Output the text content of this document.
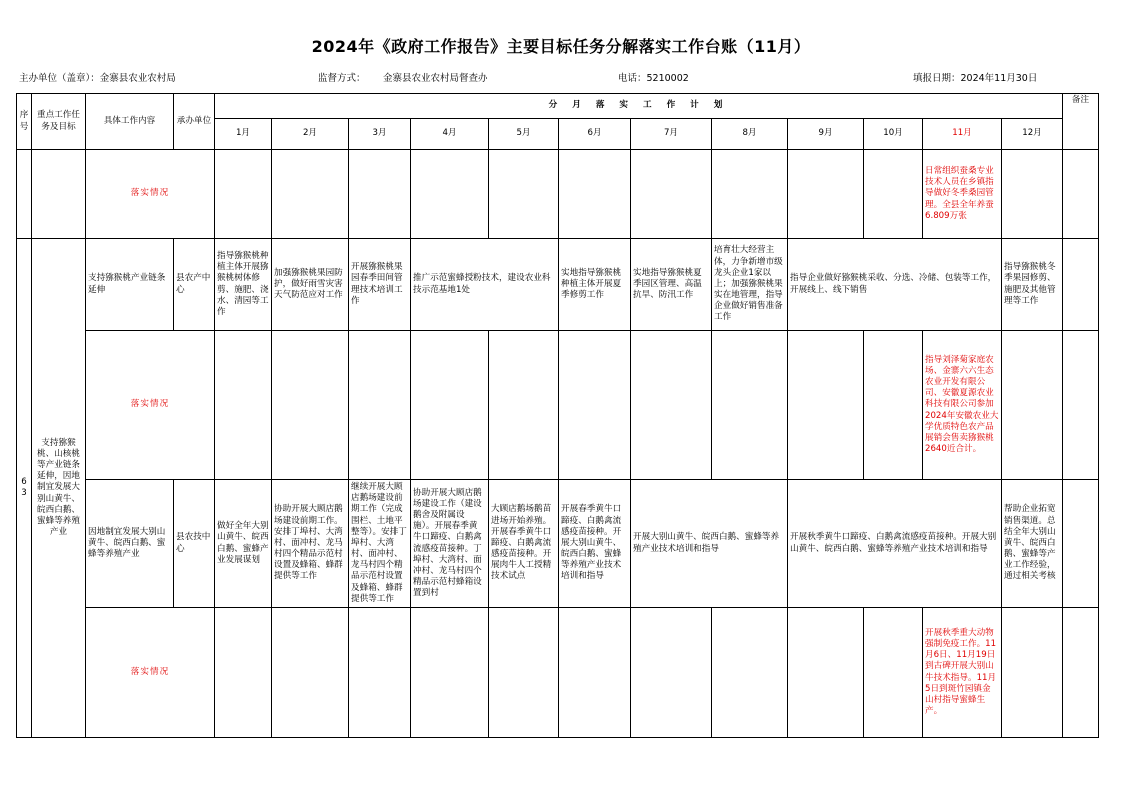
2024年《政府工作报告》主要目标任务分解落实工作台账（11月）
主办单位（盖章）：金寨县农业农村局	监督方式： 金寨县农业农村局督查办	电话：5210002	填报日期：2024年11月30日
序号	重点工作任务及目标	具体工作内容	承办单位	分 月 落 实 工 作 计 划												备注
				1月	2月	3月	4月	5月	6月	7月	8月	9月	10月	11月	12月	
		落实情况												日常组织蚕桑专业技术人员在乡镇指导做好冬季桑园管理。全县全年养蚕6.809万张		
63	支持猕猴桃、山核桃等产业链条延伸，因地制宜发展大别山黄牛、皖西白鹅、蜜蜂等养殖产业	支持猕猴桃产业链条延伸	县农产中心	指导猕猴桃种植主体开展猕猴桃树体修剪、施肥、浇水、清园等工作	加强猕猴桃果园防护，做好雨雪灾害天气防范应对工作	开展猕猴桃果园春季田间管理技术培训工作	推广示范蜜蜂授粉技术，建设农业科技示范基地1处		实地指导猕猴桃种植主体开展夏季修剪工作	实地指导猕猴桃夏季园区管理、高温抗旱、防汛工作	培育壮大经营主体，力争新增市级龙头企业1家以上；加强猕猴桃果实在地管理，指导企业做好销售准备工作	指导企业做好猕猴桃采收、分选、冷储、包装等工作，开展线上、线下销售			指导猕猴桃冬季果园修剪、施肥及其他管理等工作	
		落实情况												指导刘泽菊家庭农场、金寨六六生态农业开发有限公司、安徽夏源农业科技有限公司参加2024年安徽农业大学优质特色农产品展销会售卖猕猴桃2640近合计。		
		因地制宜发展大别山黄牛、皖西白鹅、蜜蜂等养殖产业	县农技中心	做好全年大别山黄牛、皖西白鹅、蜜蜂产业发展谋划	协助开展大顾店鹅场建设前期工作。安排丁埠村、大湾村、面冲村、龙马村四个精品示范村设置及蜂箱、蜂群提供等工作	继续开展大顾店鹅场建设前期工作（完成围栏、土地平整等）。安排丁埠村、大湾村、面冲村、龙马村四个精品示范村设置及蜂箱、蜂群提供等工作	协助开展大顾店鹅场建设工作（建设鹅舍及附属设施）。开展春季黄牛口蹄疫、白鹅禽流感疫苗接种。丁埠村、大湾村、面冲村、龙马村四个精品示范村蜂箱设置到村	大顾店鹅场鹅苗进场开始养殖。开展春季黄牛口蹄疫、白鹅禽流感疫苗接种。开展肉牛人工授精技术试点	开展春季黄牛口蹄疫、白鹅禽流感疫苗接种。开展大别山黄牛、皖西白鹅、蜜蜂等养殖产业技术培训和指导	开展大别山黄牛、皖西白鹅、蜜蜂等养殖产业技术培训和指导		开展秋季黄牛口蹄疫、白鹅禽流感疫苗接种。开展大别山黄牛、皖西白鹅、蜜蜂等养殖产业技术培训和指导			帮助企业拓宽销售渠道。总结全年大别山黄牛、皖西白鹅、蜜蜂等产业工作经验，通过相关考核	
		落实情况												开展秋季重大动物强制免疫工作。11月6日、11月19日到古碑开展大别山牛技术指导。11月5日到斑竹园镇金山村指导蜜蜂生产。		
